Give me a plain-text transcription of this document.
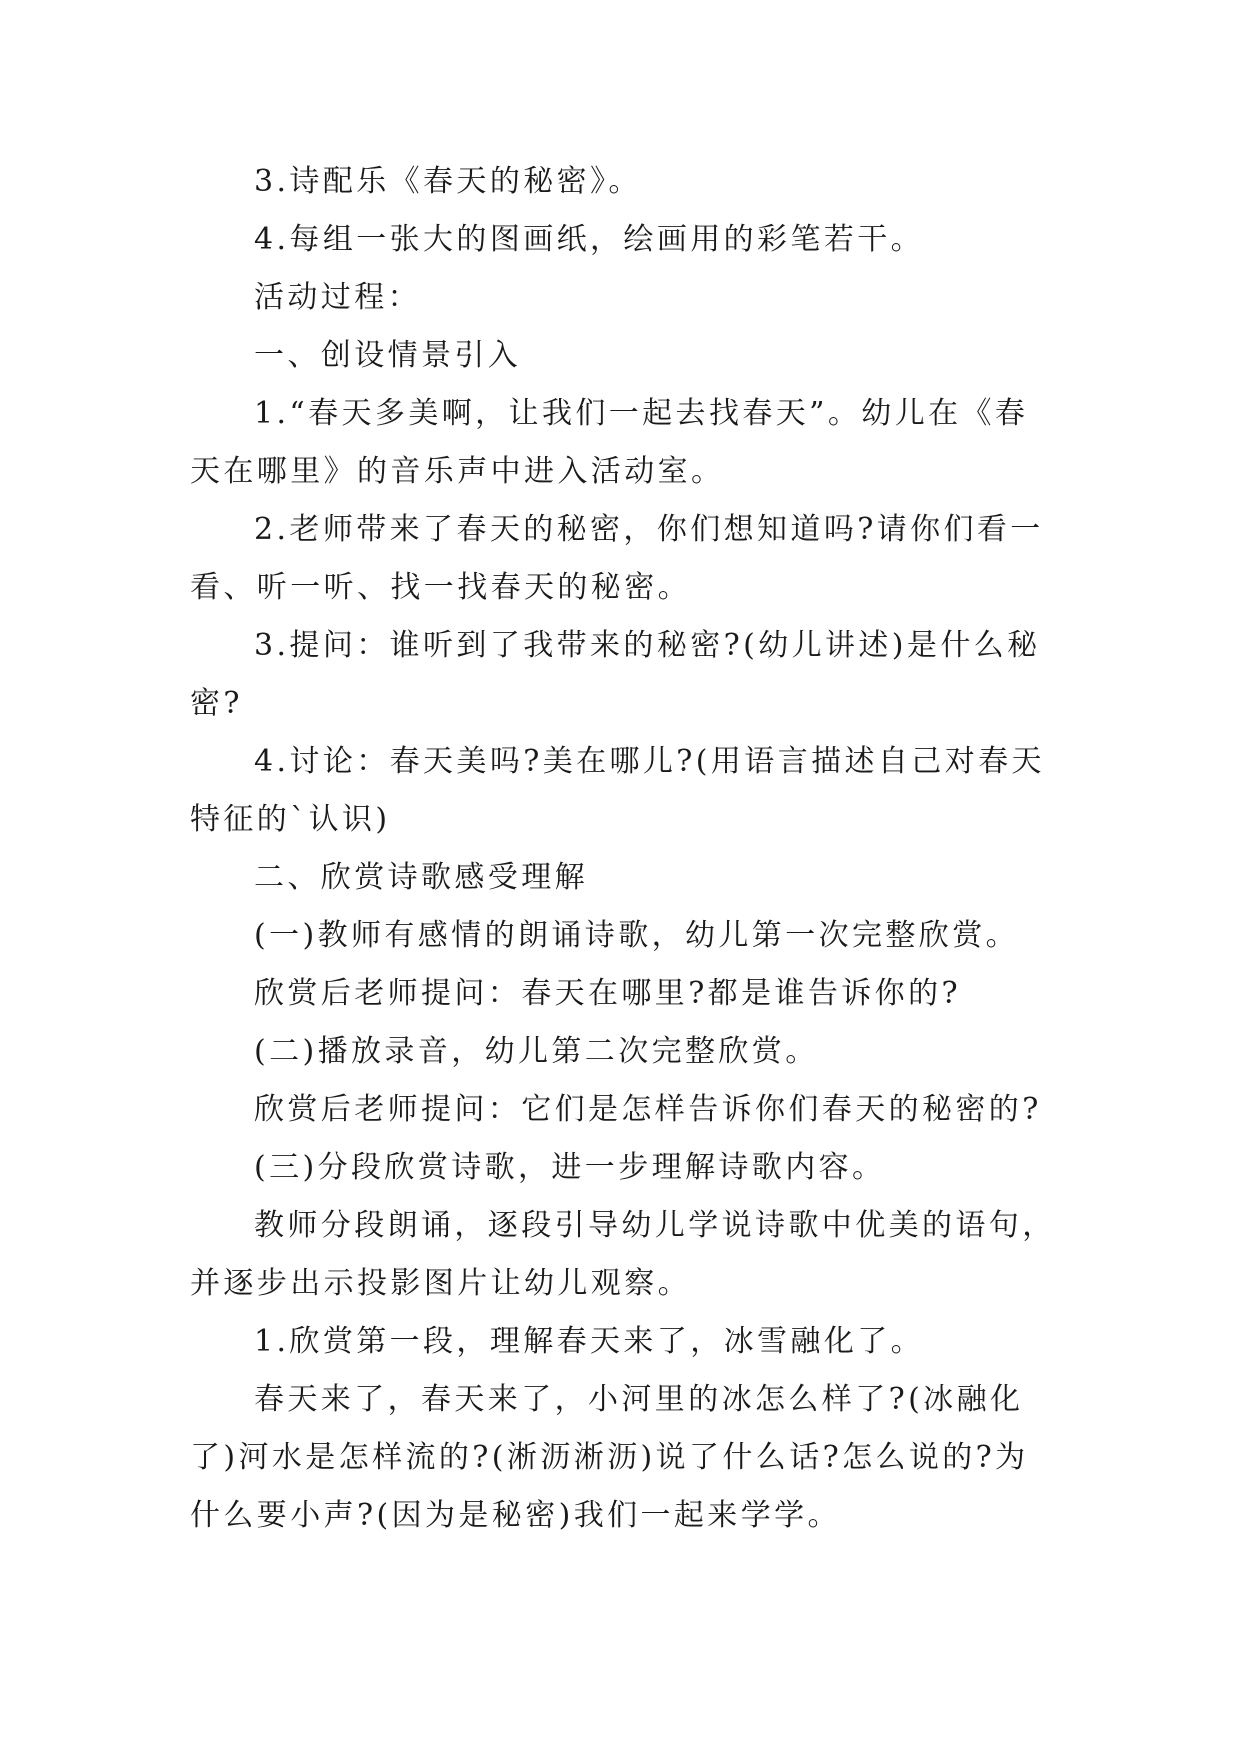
3.诗配乐《春天的秘密》。

4.每组一张大的图画纸，绘画用的彩笔若干。

活动过程：

一、创设情景引入

1.“春天多美啊，让我们一起去找春天”。幼儿在《春天在哪里》的音乐声中进入活动室。

2.老师带来了春天的秘密，你们想知道吗?请你们看一看、听一听、找一找春天的秘密。

3.提问：谁听到了我带来的秘密?(幼儿讲述)是什么秘密?

4.讨论：春天美吗?美在哪儿?(用语言描述自己对春天特征的`认识)

二、欣赏诗歌感受理解

(一)教师有感情的朗诵诗歌，幼儿第一次完整欣赏。

欣赏后老师提问：春天在哪里?都是谁告诉你的?

(二)播放录音，幼儿第二次完整欣赏。

欣赏后老师提问：它们是怎样告诉你们春天的秘密的?

(三)分段欣赏诗歌，进一步理解诗歌内容。

教师分段朗诵，逐段引导幼儿学说诗歌中优美的语句，并逐步出示投影图片让幼儿观察。

1.欣赏第一段，理解春天来了，冰雪融化了。

春天来了，春天来了，小河里的冰怎么样了?(冰融化了)河水是怎样流的?(淅沥淅沥)说了什么话?怎么说的?为什么要小声?(因为是秘密)我们一起来学学。
